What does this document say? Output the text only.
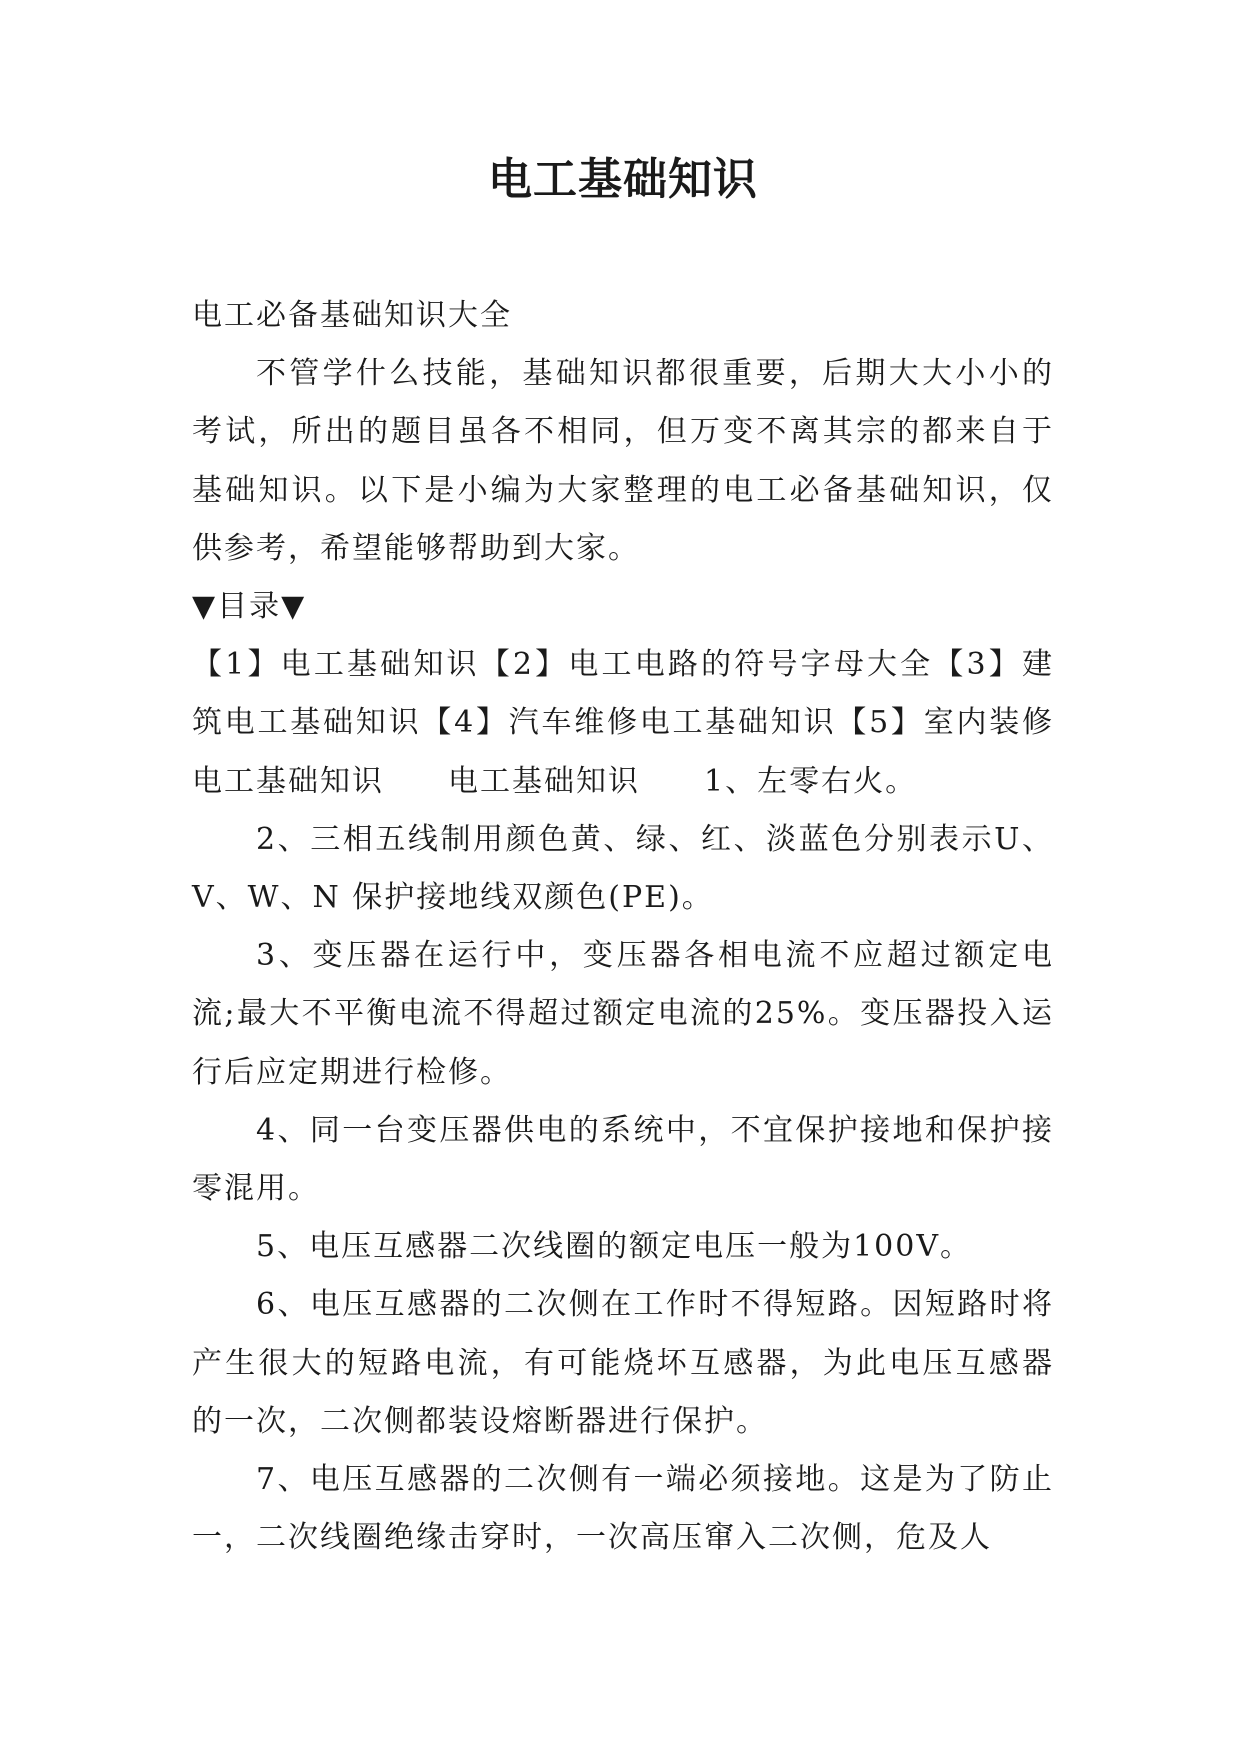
电工基础知识

电工必备基础知识大全

不管学什么技能，基础知识都很重要，后期大大小小的考试，所出的题目虽各不相同，但万变不离其宗的都来自于基础知识。以下是小编为大家整理的电工必备基础知识，仅供参考，希望能够帮助到大家。

▼目录▼

【1】电工基础知识【2】电工电路的符号字母大全【3】建筑电工基础知识【4】汽车维修电工基础知识【5】室内装修电工基础知识　　电工基础知识　　1、左零右火。

2、三相五线制用颜色黄、绿、红、淡蓝色分别表示U、V、W、N 保护接地线双颜色(PE)。

3、变压器在运行中，变压器各相电流不应超过额定电流;最大不平衡电流不得超过额定电流的25%。变压器投入运行后应定期进行检修。

4、同一台变压器供电的系统中，不宜保护接地和保护接零混用。

5、电压互感器二次线圈的额定电压一般为100V。

6、电压互感器的二次侧在工作时不得短路。因短路时将产生很大的短路电流，有可能烧坏互感器，为此电压互感器的一次，二次侧都装设熔断器进行保护。

7、电压互感器的二次侧有一端必须接地。这是为了防止一，二次线圈绝缘击穿时，一次高压窜入二次侧，危及人
